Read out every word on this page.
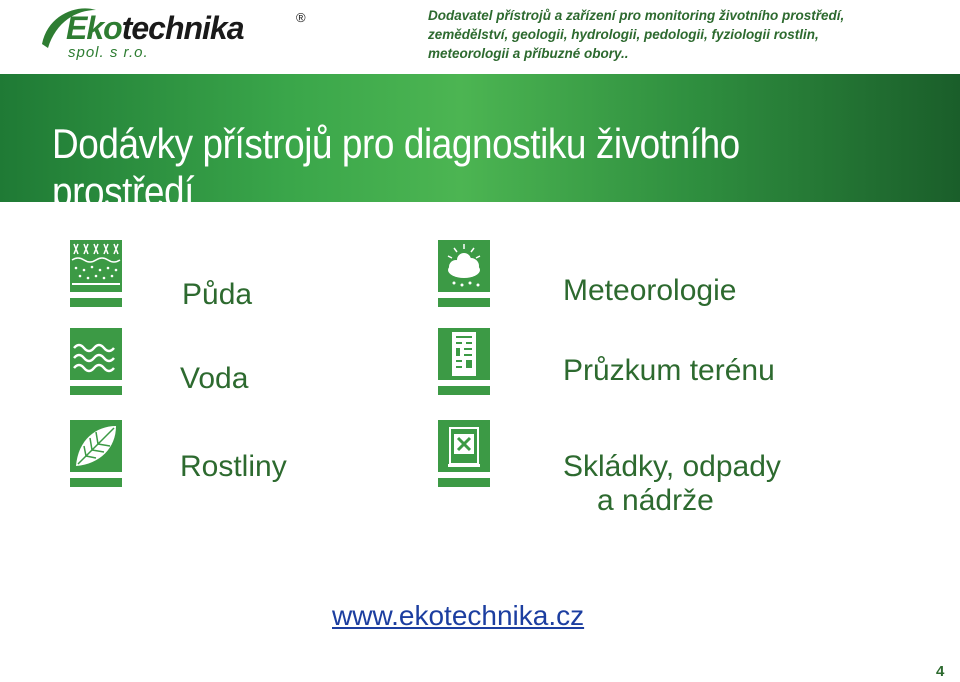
Ekotechnika	®
spol. s r.o.
Dodavatel přístrojů a zařízení pro monitoring životního prostředí,
zemědělství, geologii, hydrologii, pedologii, fyziologii rostlin,
meteorologii a příbuzné obory..
Dodávky přístrojů pro diagnostiku životního prostředí
Půda
Voda
Rostliny
Meteorologie
Průzkum terénu
Skládky, odpady
a nádrže
www.ekotechnika.cz
4
